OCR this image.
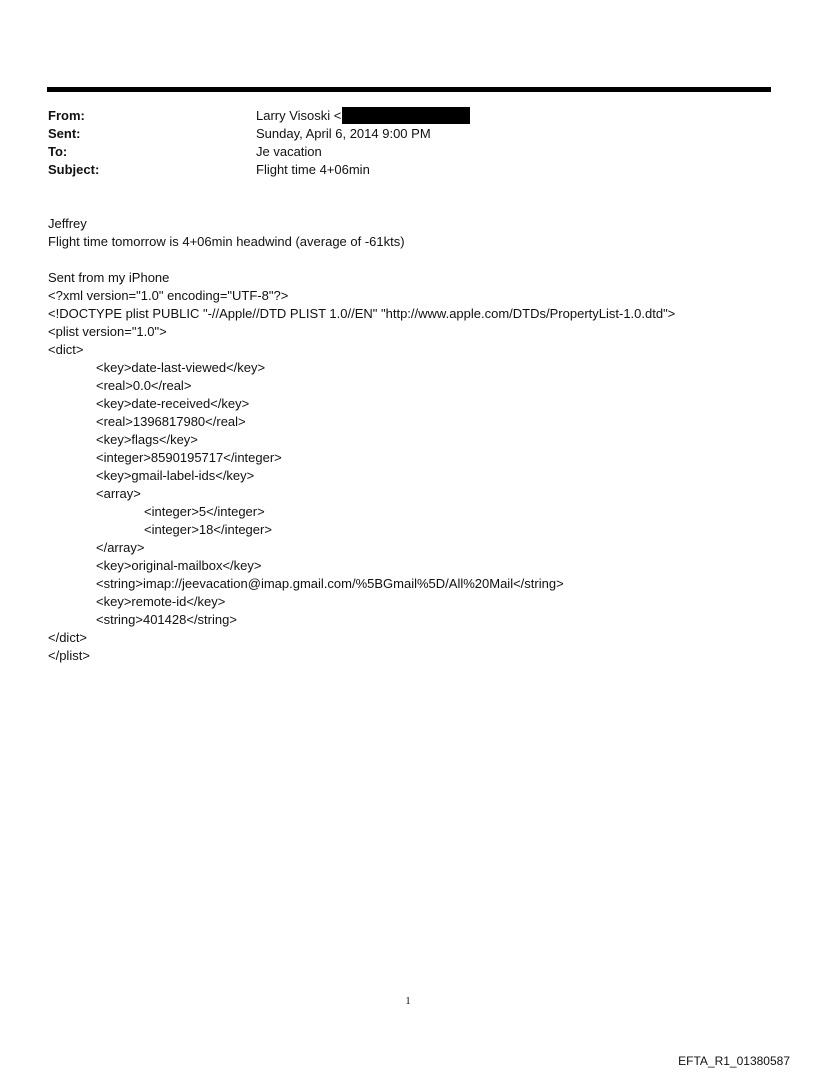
From:	Larry Visoski <
Sent:	Sunday, April 6, 2014 9:00 PM
To:	Je vacation
Subject:	Flight time 4+06min
Jeffrey
Flight time tomorrow is 4+06min headwind (average of -61kts)
Sent from my iPhone
<?xml version="1.0" encoding="UTF-8"?>
<!DOCTYPE plist PUBLIC "-//Apple//DTD PLIST 1.0//EN" "http://www.apple.com/DTDs/PropertyList-1.0.dtd">
<plist version="1.0">
<dict>
<key>date-last-viewed</key>
<real>0.0</real>
<key>date-received</key>
<real>1396817980</real>
<key>flags</key>
<integer>8590195717</integer>
<key>gmail-label-ids</key>
<array>
<integer>5</integer>
<integer>18</integer>
</array>
<key>original-mailbox</key>
<string>imap://jeevacation@imap.gmail.com/%5BGmail%5D/All%20Mail</string>
<key>remote-id</key>
<string>401428</string>
</dict>
</plist>
1
EFTA_R1_01380587
